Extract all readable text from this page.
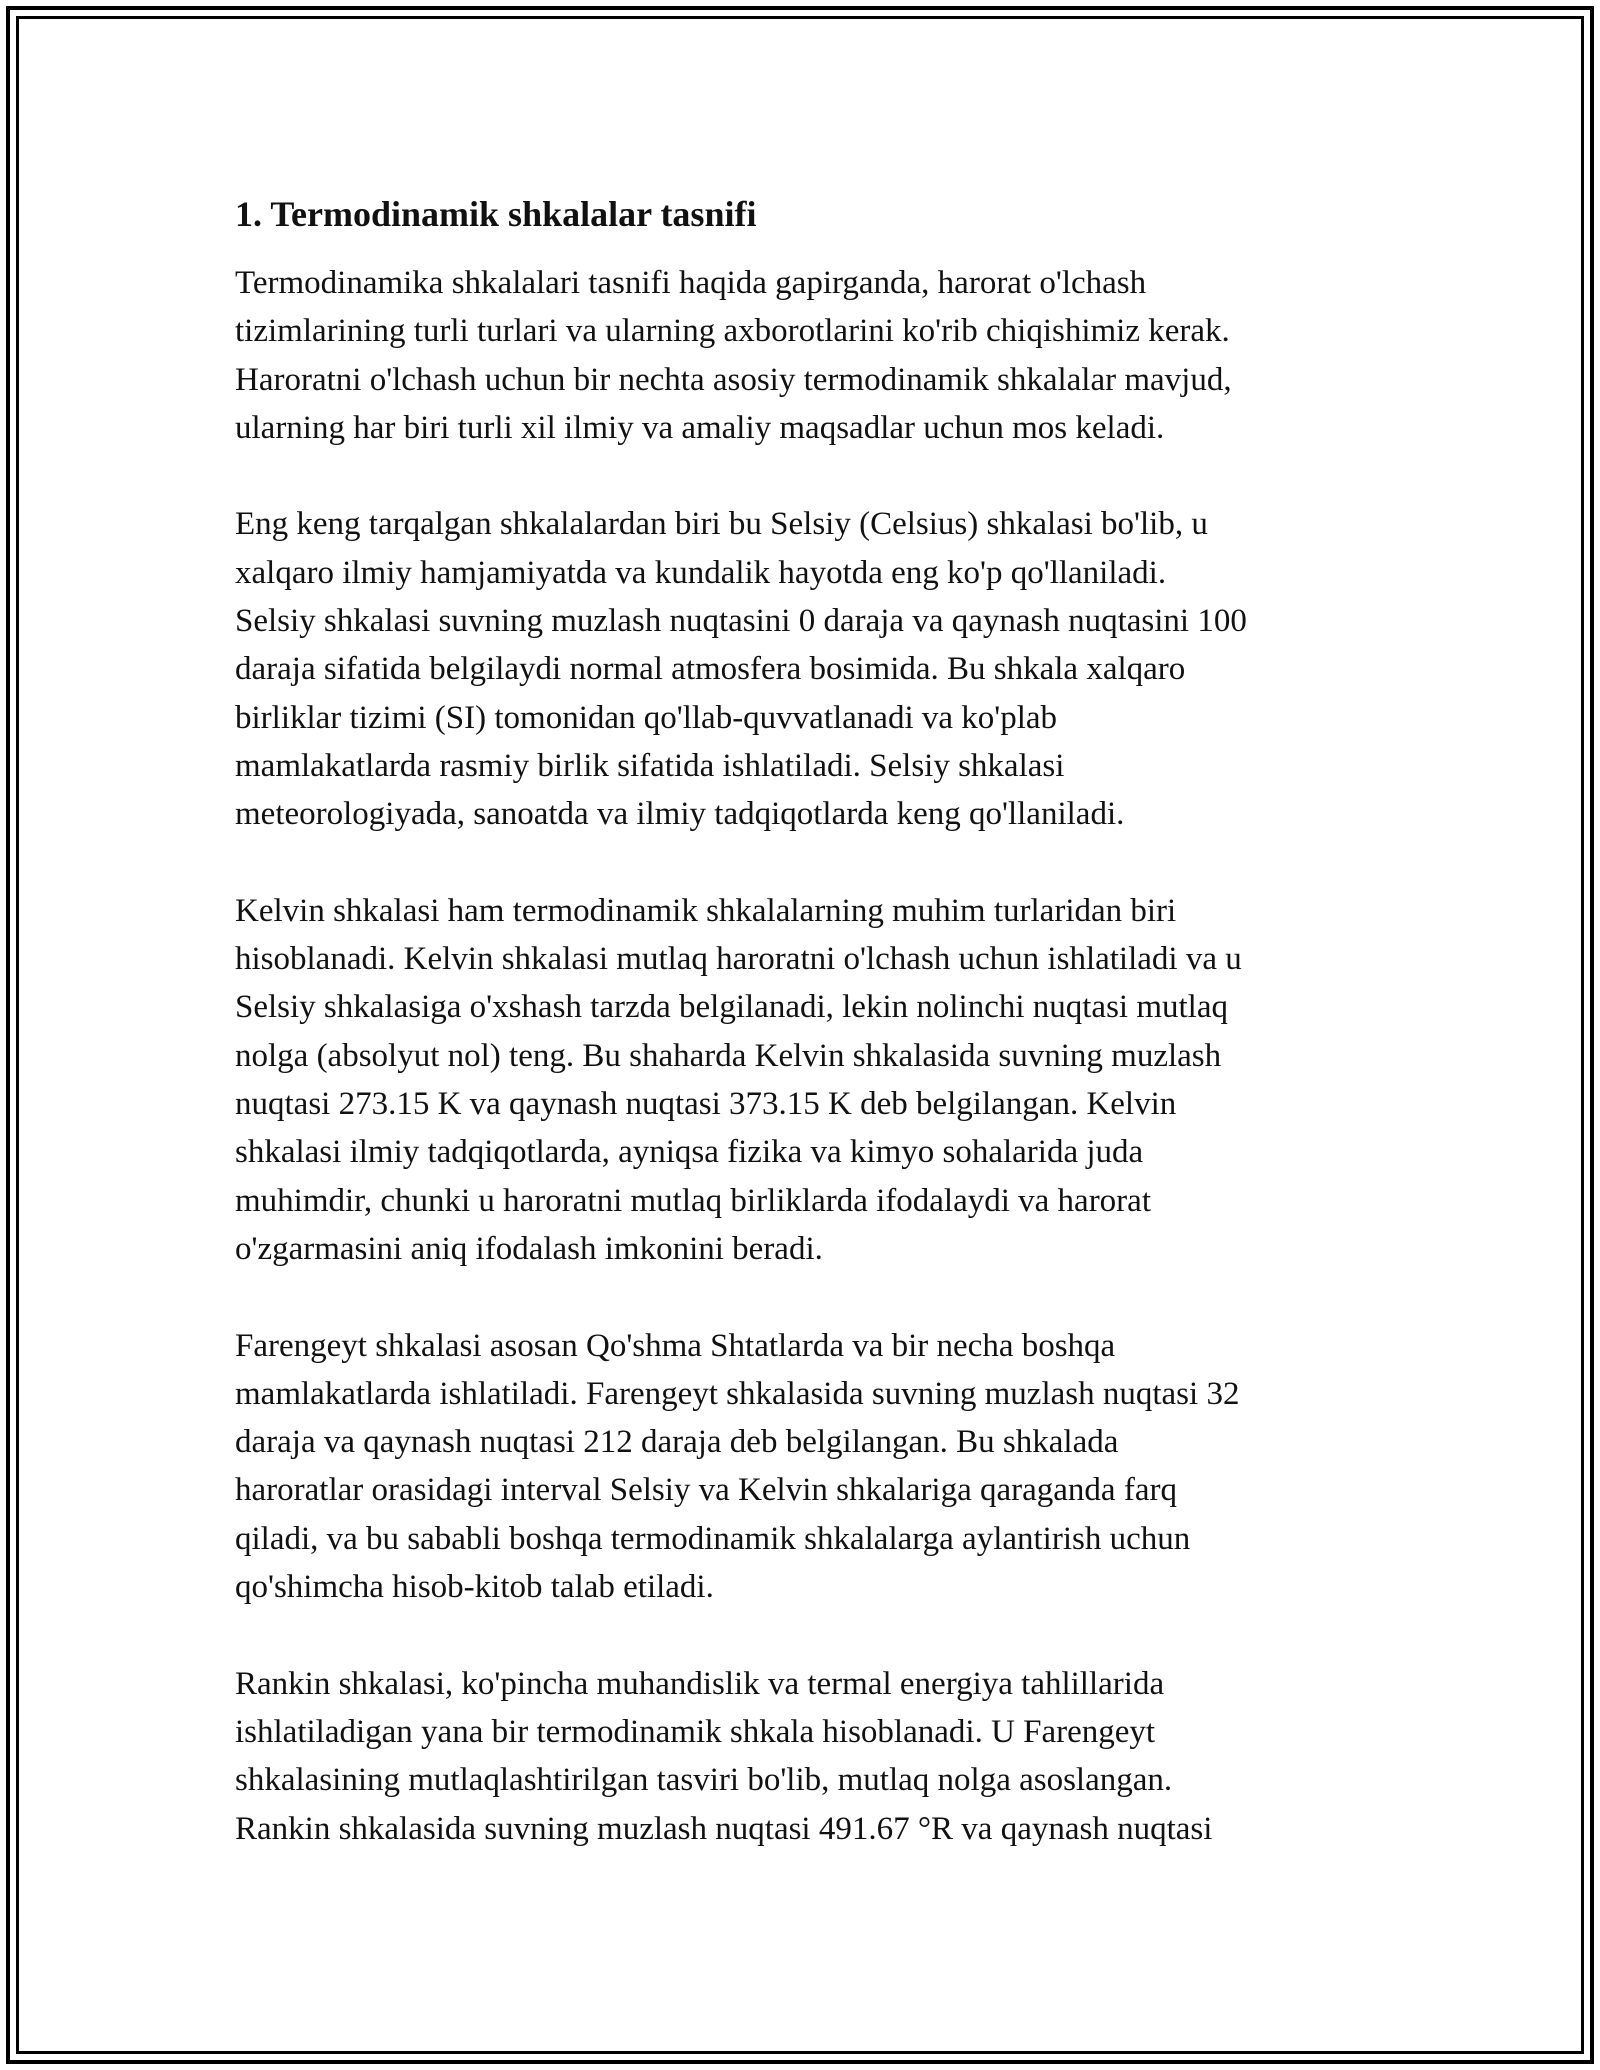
1. Termodinamik shkalalar tasnifi
Termodinamika shkalalari tasnifi haqida gapirganda, harorat o'lchash
tizimlarining turli turlari va ularning axborotlarini ko'rib chiqishimiz kerak.
Haroratni o'lchash uchun bir nechta asosiy termodinamik shkalalar mavjud,
ularning har biri turli xil ilmiy va amaliy maqsadlar uchun mos keladi.
Eng keng tarqalgan shkalalardan biri bu Selsiy (Celsius) shkalasi bo'lib, u
xalqaro ilmiy hamjamiyatda va kundalik hayotda eng ko'p qo'llaniladi.
Selsiy shkalasi suvning muzlash nuqtasini 0 daraja va qaynash nuqtasini 100
daraja sifatida belgilaydi normal atmosfera bosimida. Bu shkala xalqaro
birliklar tizimi (SI) tomonidan qo'llab-quvvatlanadi va ko'plab
mamlakatlarda rasmiy birlik sifatida ishlatiladi. Selsiy shkalasi
meteorologiyada, sanoatda va ilmiy tadqiqotlarda keng qo'llaniladi.
Kelvin shkalasi ham termodinamik shkalalarning muhim turlaridan biri
hisoblanadi. Kelvin shkalasi mutlaq haroratni o'lchash uchun ishlatiladi va u
Selsiy shkalasiga o'xshash tarzda belgilanadi, lekin nolinchi nuqtasi mutlaq
nolga (absolyut nol) teng. Bu shaharda Kelvin shkalasida suvning muzlash
nuqtasi 273.15 K va qaynash nuqtasi 373.15 K deb belgilangan. Kelvin
shkalasi ilmiy tadqiqotlarda, ayniqsa fizika va kimyo sohalarida juda
muhimdir, chunki u haroratni mutlaq birliklarda ifodalaydi va harorat
o'zgarmasini aniq ifodalash imkonini beradi.
Farengeyt shkalasi asosan Qo'shma Shtatlarda va bir necha boshqa
mamlakatlarda ishlatiladi. Farengeyt shkalasida suvning muzlash nuqtasi 32
daraja va qaynash nuqtasi 212 daraja deb belgilangan. Bu shkalada
haroratlar orasidagi interval Selsiy va Kelvin shkalariga qaraganda farq
qiladi, va bu sababli boshqa termodinamik shkalalarga aylantirish uchun
qo'shimcha hisob-kitob talab etiladi.
Rankin shkalasi, ko'pincha muhandislik va termal energiya tahlillarida
ishlatiladigan yana bir termodinamik shkala hisoblanadi. U Farengeyt
shkalasining mutlaqlashtirilgan tasviri bo'lib, mutlaq nolga asoslangan.
Rankin shkalasida suvning muzlash nuqtasi 491.67 °R va qaynash nuqtasi
